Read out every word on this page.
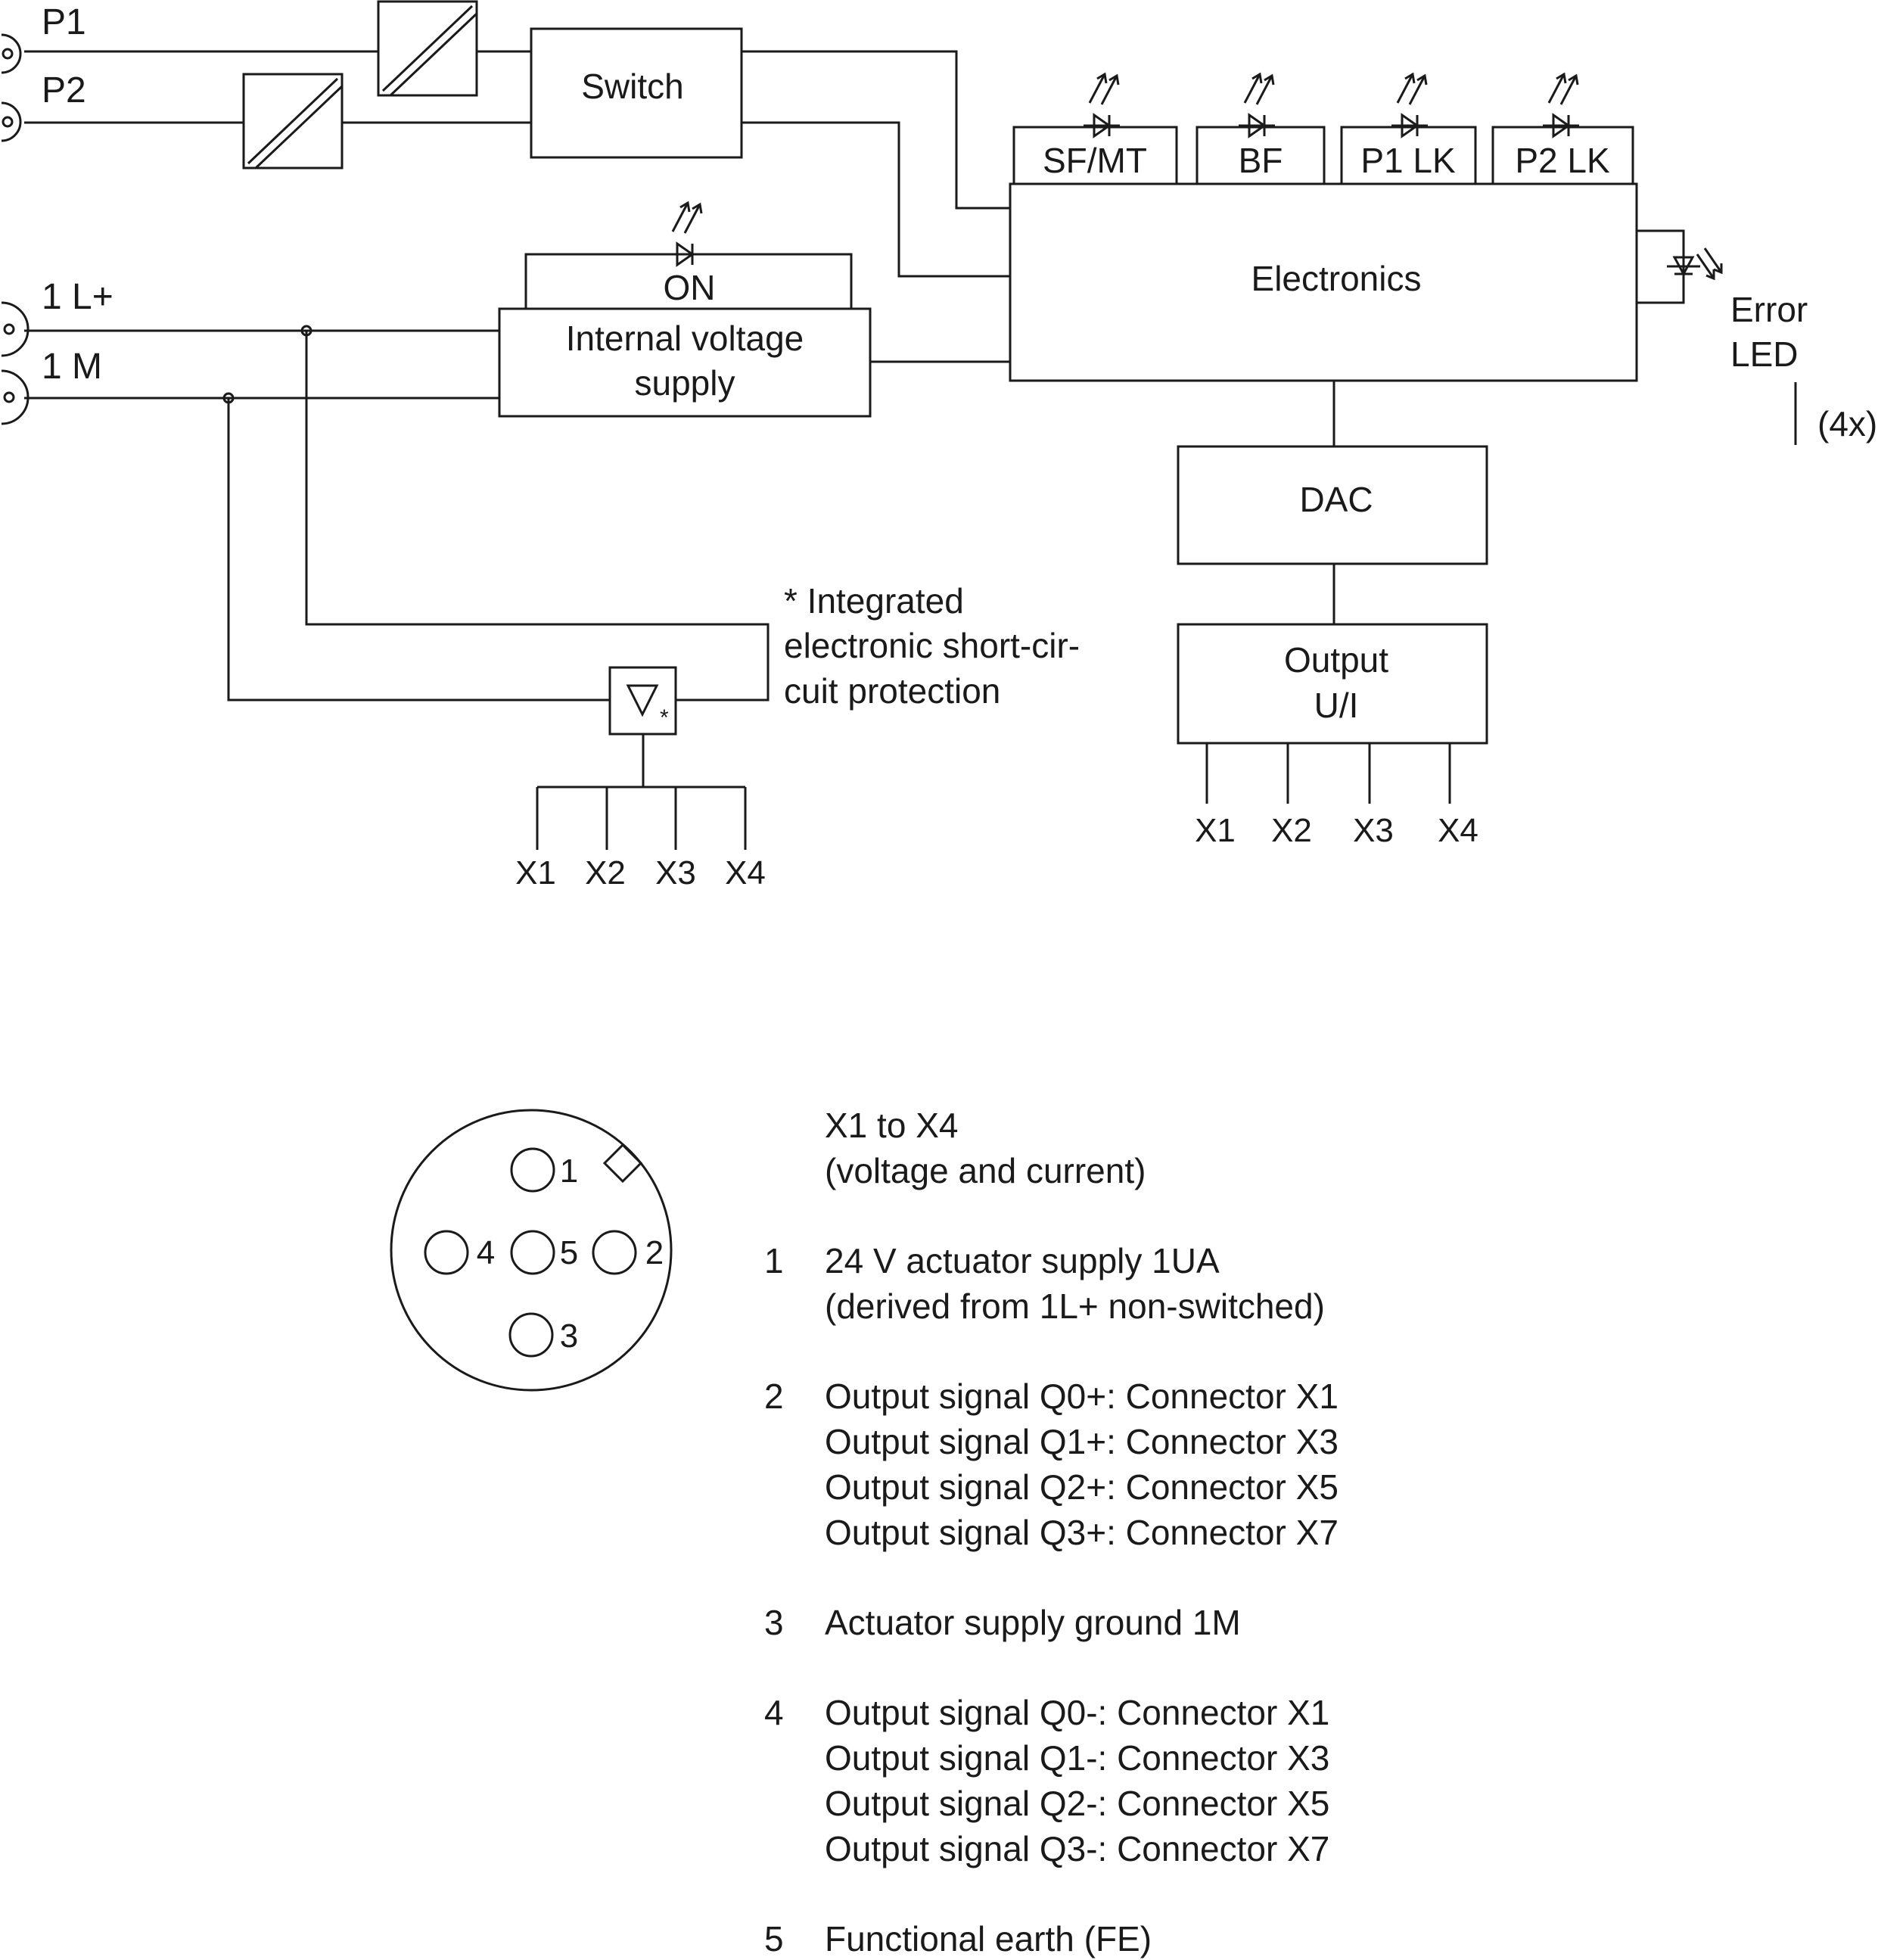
P1
P2
1 L+
1 M
Switch
SF/MT	BF P1 LK P2 LK
Electronics
Error
LED
(4x)
ON
Internal voltage
supply
DAC
Output
U/I
X1 X2 X3 X4
*
* Integrated
electronic short-cir-
cuit protection
X1 X2 X3 X4
1
2
3
4 5
X1 to X4
(voltage and current)
1 24 V actuator supply 1UA
(derived from 1L+ non-switched)
2 Output signal Q0+: Connector X1
Output signal Q1+: Connector X3
Output signal Q2+: Connector X5
Output signal Q3+: Connector X7
3 Actuator supply ground 1M
4 Output signal Q0-: Connector X1
Output signal Q1-: Connector X3
Output signal Q2-: Connector X5
Output signal Q3-: Connector X7
5 Functional earth (FE)
